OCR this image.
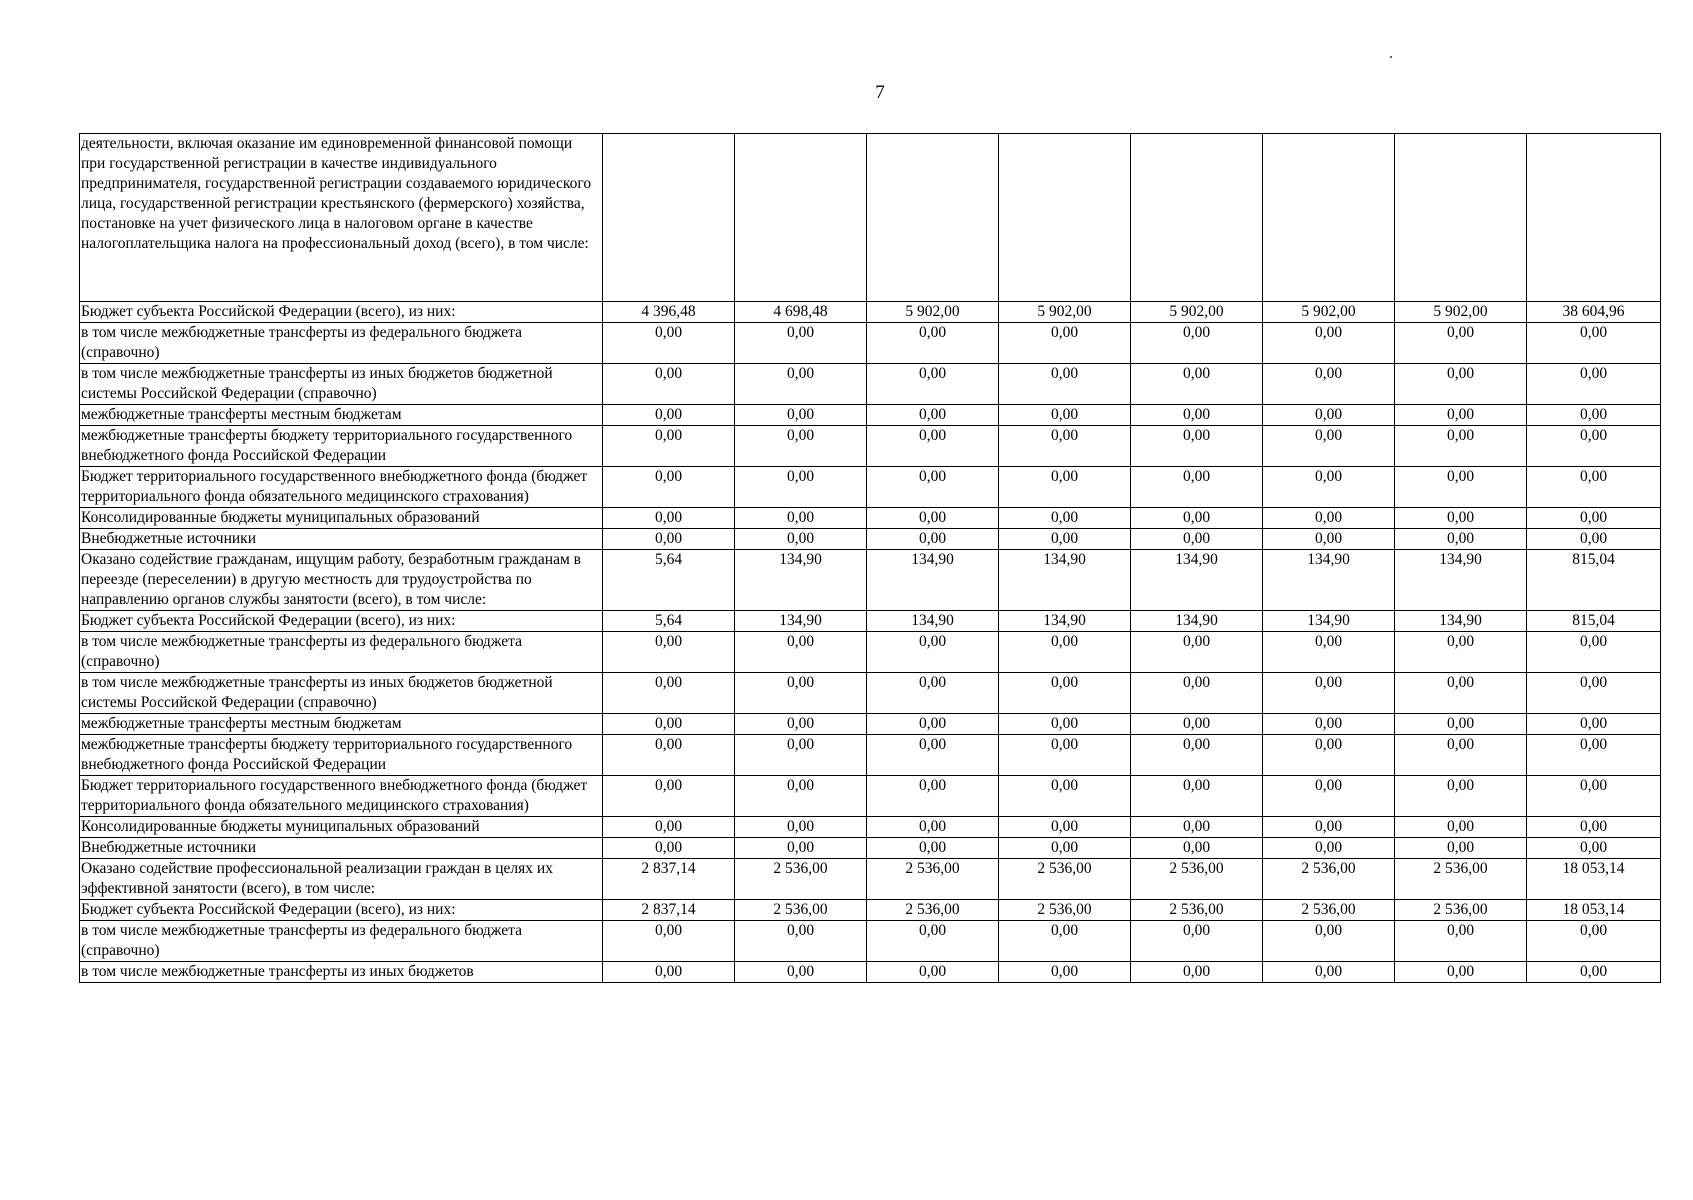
7
деятельности, включая оказание им единовременной финансовой помощи при государственной регистрации в качестве индивидуального предпринимателя, государственной регистрации создаваемого юридического лица, государственной регистрации крестьянского (фермерского) хозяйства, постановке на учет физического лица в налоговом органе в качестве налогоплательщика налога на профессиональный доход (всего), в том числе:								
Бюджет субъекта Российской Федерации (всего), из них:	4 396,48	4 698,48	5 902,00	5 902,00	5 902,00	5 902,00	5 902,00	38 604,96
в том числе межбюджетные трансферты из федерального бюджета (справочно)	0,00	0,00	0,00	0,00	0,00	0,00	0,00	0,00
в том числе межбюджетные трансферты из иных бюджетов бюджетной системы Российской Федерации (справочно)	0,00	0,00	0,00	0,00	0,00	0,00	0,00	0,00
межбюджетные трансферты местным бюджетам	0,00	0,00	0,00	0,00	0,00	0,00	0,00	0,00
межбюджетные трансферты бюджету территориального государственного внебюджетного фонда Российской Федерации	0,00	0,00	0,00	0,00	0,00	0,00	0,00	0,00
Бюджет территориального государственного внебюджетного фонда (бюджет территориального фонда обязательного медицинского страхования)	0,00	0,00	0,00	0,00	0,00	0,00	0,00	0,00
Консолидированные бюджеты муниципальных образований	0,00	0,00	0,00	0,00	0,00	0,00	0,00	0,00
Внебюджетные источники	0,00	0,00	0,00	0,00	0,00	0,00	0,00	0,00
Оказано содействие гражданам, ищущим работу, безработным гражданам в переезде (переселении) в другую местность для трудоустройства по направлению органов службы занятости (всего), в том числе:	5,64	134,90	134,90	134,90	134,90	134,90	134,90	815,04
Бюджет субъекта Российской Федерации (всего), из них:	5,64	134,90	134,90	134,90	134,90	134,90	134,90	815,04
в том числе межбюджетные трансферты из федерального бюджета (справочно)	0,00	0,00	0,00	0,00	0,00	0,00	0,00	0,00
в том числе межбюджетные трансферты из иных бюджетов бюджетной системы Российской Федерации (справочно)	0,00	0,00	0,00	0,00	0,00	0,00	0,00	0,00
межбюджетные трансферты местным бюджетам	0,00	0,00	0,00	0,00	0,00	0,00	0,00	0,00
межбюджетные трансферты бюджету территориального государственного внебюджетного фонда Российской Федерации	0,00	0,00	0,00	0,00	0,00	0,00	0,00	0,00
Бюджет территориального государственного внебюджетного фонда (бюджет территориального фонда обязательного медицинского страхования)	0,00	0,00	0,00	0,00	0,00	0,00	0,00	0,00
Консолидированные бюджеты муниципальных образований	0,00	0,00	0,00	0,00	0,00	0,00	0,00	0,00
Внебюджетные источники	0,00	0,00	0,00	0,00	0,00	0,00	0,00	0,00
Оказано содействие профессиональной реализации граждан в целях их эффективной занятости (всего), в том числе:	2 837,14	2 536,00	2 536,00	2 536,00	2 536,00	2 536,00	2 536,00	18 053,14
Бюджет субъекта Российской Федерации (всего), из них:	2 837,14	2 536,00	2 536,00	2 536,00	2 536,00	2 536,00	2 536,00	18 053,14
в том числе межбюджетные трансферты из федерального бюджета (справочно)	0,00	0,00	0,00	0,00	0,00	0,00	0,00	0,00
в том числе межбюджетные трансферты из иных бюджетов	0,00	0,00	0,00	0,00	0,00	0,00	0,00	0,00
